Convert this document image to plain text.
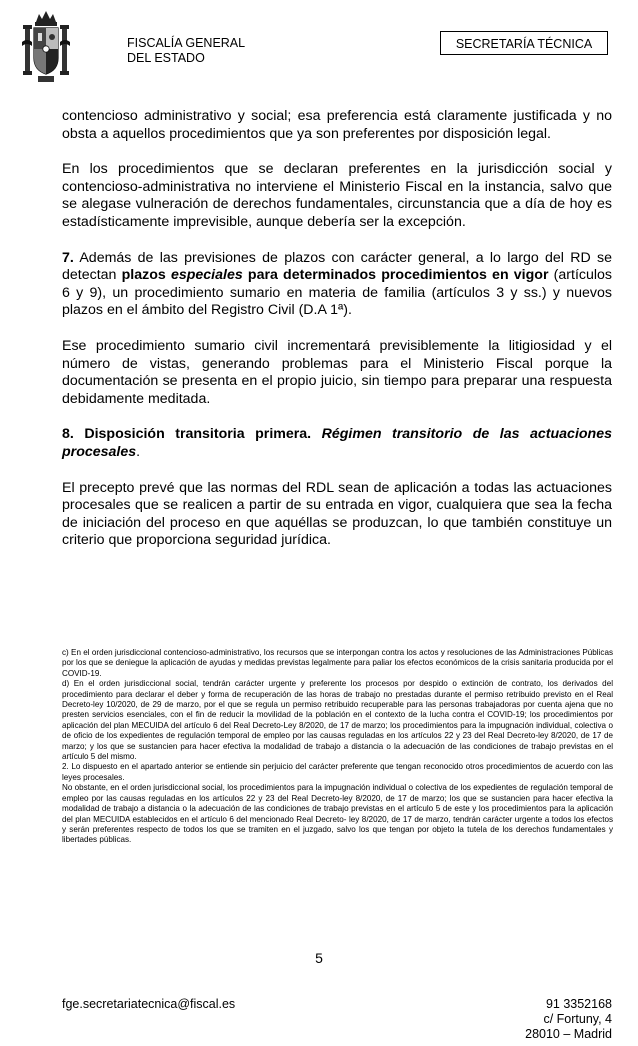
FISCALÍA GENERAL
DEL ESTADO
SECRETARÍA TÉCNICA

contencioso administrativo y social; esa preferencia está claramente justificada y no obsta a aquellos procedimientos que ya son preferentes por disposición legal.

En los procedimientos que se declaran preferentes en la jurisdicción social y contencioso-administrativa no interviene el Ministerio Fiscal en la instancia, salvo que se alegase vulneración de derechos fundamentales, circunstancia que a día de hoy es estadísticamente imprevisible, aunque debería ser la excepción.

7. Además de las previsiones de plazos con carácter general, a lo largo del RD se detectan plazos especiales para determinados procedimientos en vigor (artículos 6 y 9), un procedimiento sumario en materia de familia (artículos 3 y ss.) y nuevos plazos en el ámbito del Registro Civil (D.A 1ª).

Ese procedimiento sumario civil incrementará previsiblemente la litigiosidad y el número de vistas, generando problemas para el Ministerio Fiscal porque la documentación se presenta en el propio juicio, sin tiempo para preparar una respuesta debidamente meditada.

8. Disposición transitoria primera. Régimen transitorio de las actuaciones procesales.

El precepto prevé que las normas del RDL sean de aplicación a todas las actuaciones procesales que se realicen a partir de su entrada en vigor, cualquiera que sea la fecha de iniciación del proceso en que aquéllas se produzcan, lo que también constituye un criterio que proporciona seguridad jurídica.

c) En el orden jurisdiccional contencioso-administrativo, los recursos que se interpongan contra los actos y resoluciones de las Administraciones Públicas por los que se deniegue la aplicación de ayudas y medidas previstas legalmente para paliar los efectos económicos de la crisis sanitaria producida por el COVID-19.

d) En el orden jurisdiccional social, tendrán carácter urgente y preferente los procesos por despido o extinción de contrato, los derivados del procedimiento para declarar el deber y forma de recuperación de las horas de trabajo no prestadas durante el permiso retribuido previsto en el Real Decreto-ley 10/2020, de 29 de marzo, por el que se regula un permiso retribuido recuperable para las personas trabajadoras por cuenta ajena que no presten servicios esenciales, con el fin de reducir la movilidad de la población en el contexto de la lucha contra el COVID-19; los procedimientos por aplicación del plan MECUIDA del artículo 6 del Real Decreto-Ley 8/2020, de 17 de marzo; los procedimientos para la impugnación individual, colectiva o de oficio de los expedientes de regulación temporal de empleo por las causas reguladas en los artículos 22 y 23 del Real Decreto-ley 8/2020, de 17 de marzo; y los que se sustancien para hacer efectiva la modalidad de trabajo a distancia o la adecuación de las condiciones de trabajo previstas en el artículo 5 del mismo.

2. Lo dispuesto en el apartado anterior se entiende sin perjuicio del carácter preferente que tengan reconocido otros procedimientos de acuerdo con las leyes procesales.

No obstante, en el orden jurisdiccional social, los procedimientos para la impugnación individual o colectiva de los expedientes de regulación temporal de empleo por las causas reguladas en los artículos 22 y 23 del Real Decreto-ley 8/2020, de 17 de marzo; los que se sustancien para hacer efectiva la modalidad de trabajo a distancia o la adecuación de las condiciones de trabajo previstas en el artículo 5 de este y los procedimientos para la aplicación del plan MECUIDA establecidos en el artículo 6 del mencionado Real Decreto- ley 8/2020, de 17 de marzo, tendrán carácter urgente a todos los efectos y serán preferentes respecto de todos los que se tramiten en el juzgado, salvo los que tengan por objeto la tutela de los derechos fundamentales y libertades públicas.

5
fge.secretariatecnica@fiscal.es	91 3352168
c/ Fortuny, 4
28010 – Madrid
